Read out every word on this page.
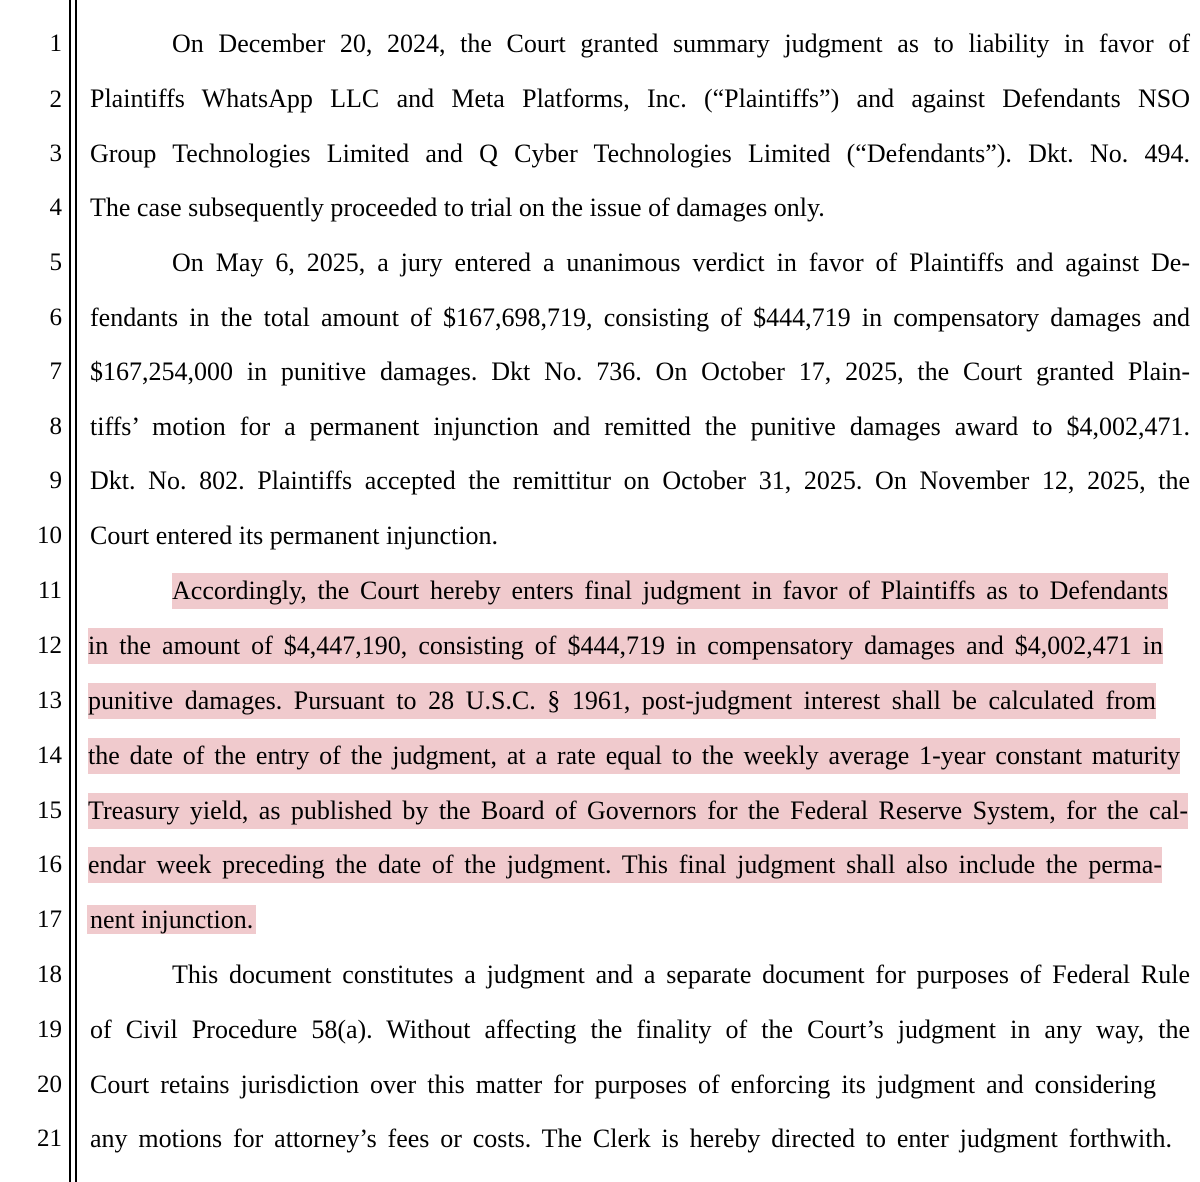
1
2
3
4
5
6
7
8
9
10
11
12
13
14
15
16
17
18
19
20
21
On December 20, 2024, the Court granted summary judgment as to liability in favor of
Plaintiffs WhatsApp LLC and Meta Platforms, Inc. (“Plaintiffs”) and against Defendants NSO
Group Technologies Limited and Q Cyber Technologies Limited (“Defendants”). Dkt. No. 494.
The case subsequently proceeded to trial on the issue of damages only.
On May 6, 2025, a jury entered a unanimous verdict in favor of Plaintiffs and against De-
fendants in the total amount of $167,698,719, consisting of $444,719 in compensatory damages and
$167,254,000 in punitive damages. Dkt No. 736. On October 17, 2025, the Court granted Plain-
tiffs’ motion for a permanent injunction and remitted the punitive damages award to $4,002,471.
Dkt. No. 802. Plaintiffs accepted the remittitur on October 31, 2025. On November 12, 2025, the
Court entered its permanent injunction.
Accordingly, the Court hereby enters final judgment in favor of Plaintiffs as to Defendants
in the amount of $4,447,190, consisting of $444,719 in compensatory damages and $4,002,471 in
punitive damages. Pursuant to 28 U.S.C. § 1961, post-judgment interest shall be calculated from
the date of the entry of the judgment, at a rate equal to the weekly average 1-year constant maturity
Treasury yield, as published by the Board of Governors for the Federal Reserve System, for the cal-
endar week preceding the date of the judgment. This final judgment shall also include the perma-
nent injunction.
This document constitutes a judgment and a separate document for purposes of Federal Rule
of Civil Procedure 58(a). Without affecting the finality of the Court’s judgment in any way, the
Court retains jurisdiction over this matter for purposes of enforcing its judgment and considering
any motions for attorney’s fees or costs. The Clerk is hereby directed to enter judgment forthwith.
